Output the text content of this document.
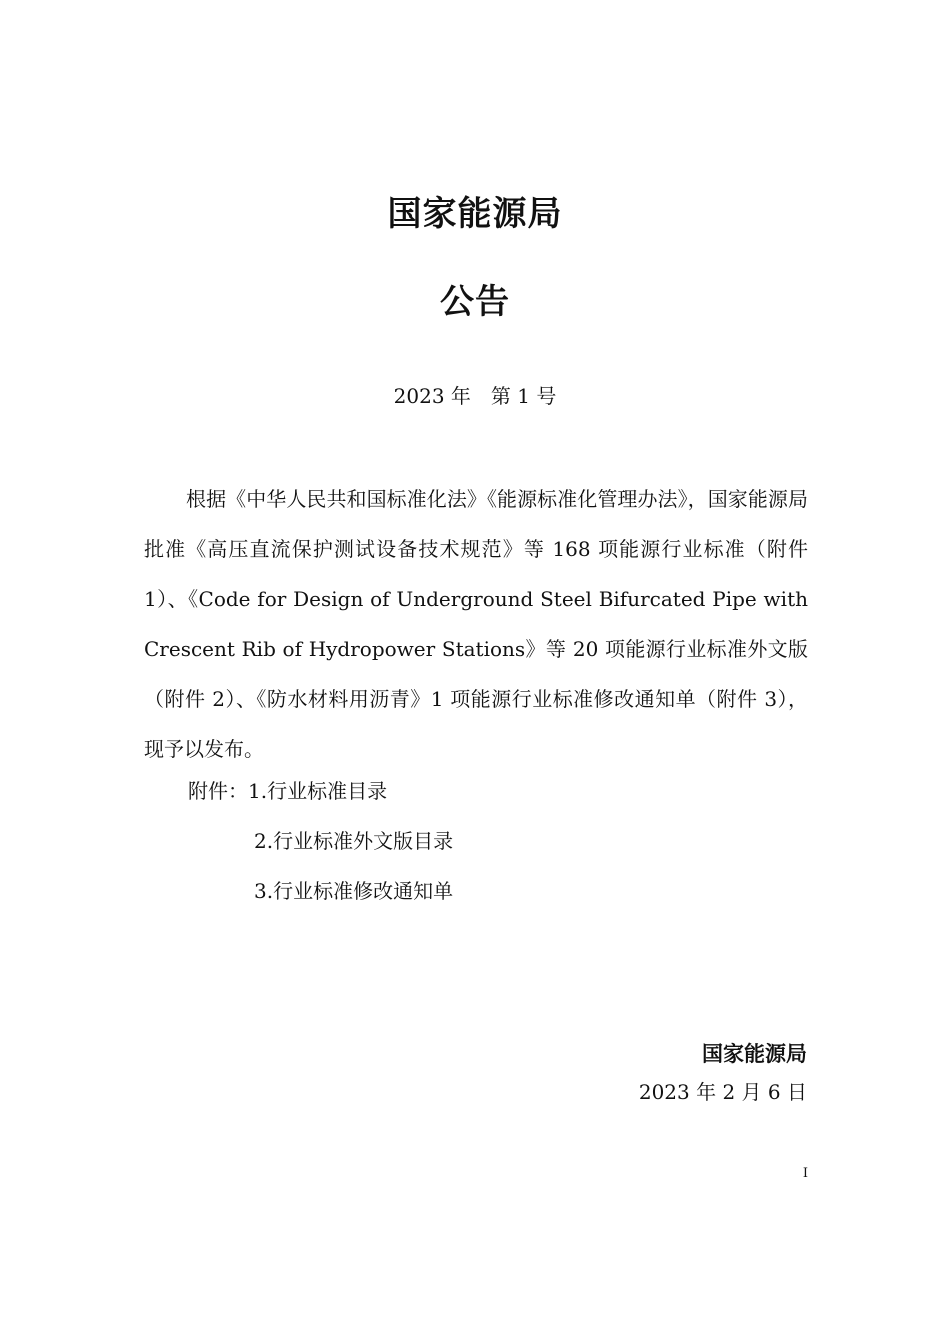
国家能源局
公告
2023 年　第 1 号

根据《中华人民共和国标准化法》《能源标准化管理办法》，国家能源局批准《高压直流保护测试设备技术规范》等 168 项能源行业标准（附件 1）、《Code for Design of Underground Steel Bifurcated Pipe with Crescent Rib of Hydropower Stations》等 20 项能源行业标准外文版（附件 2）、《防水材料用沥青》1 项能源行业标准修改通知单（附件 3），现予以发布。

附件：1.行业标准目录
2.行业标准外文版目录
3.行业标准修改通知单
国家能源局
2023 年 2 月 6 日
I
